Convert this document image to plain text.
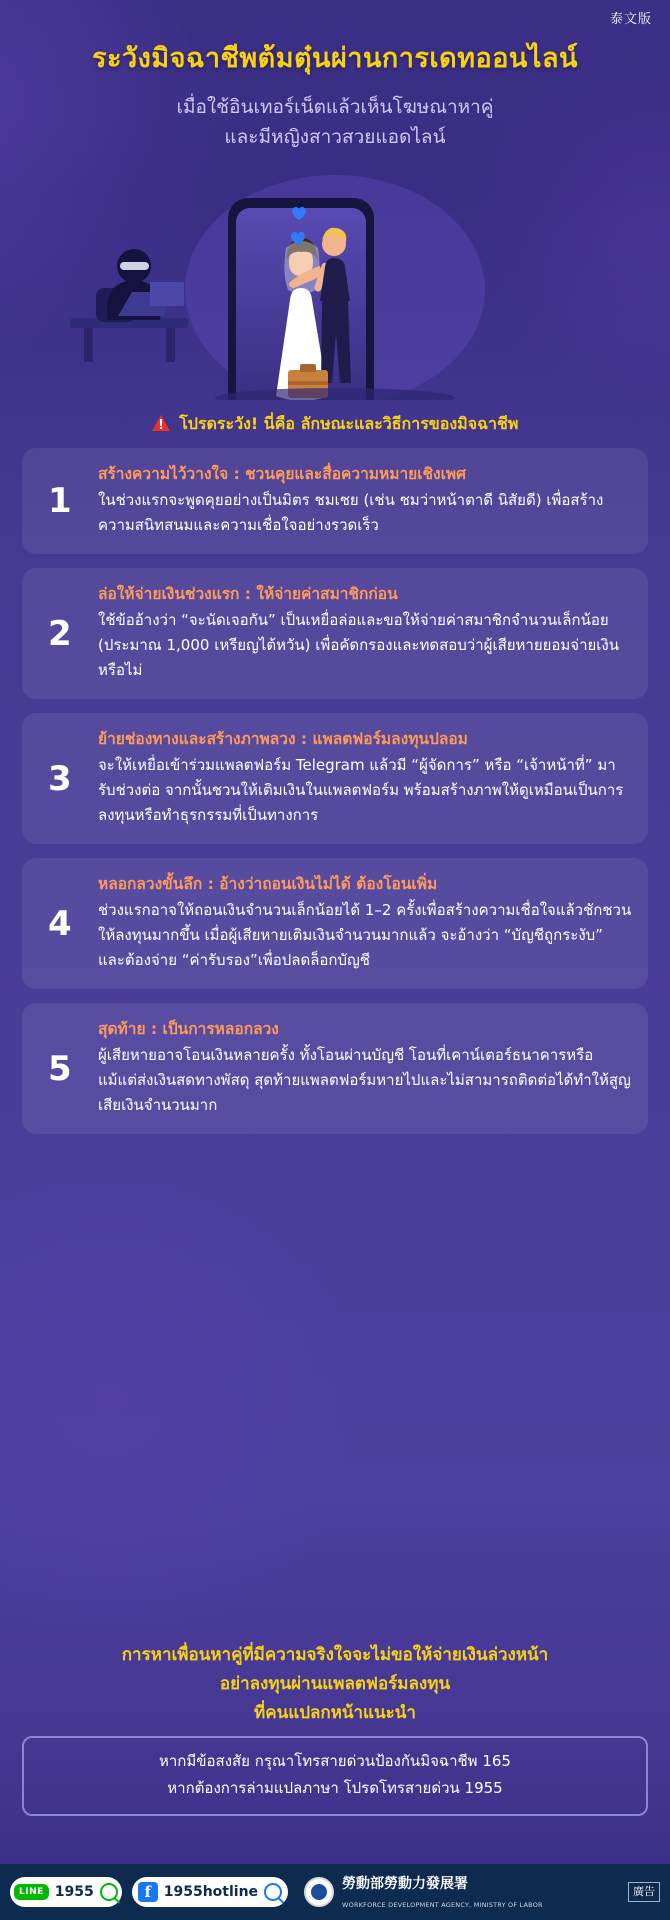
泰文版
ระวังมิจฉาชีพต้มตุ๋นผ่านการเดทออนไลน์
เมื่อใช้อินเทอร์เน็ตแล้วเห็นโฆษณาหาคู่
และมีหญิงสาวสวยแอดไลน์
โปรดระวัง! นี่คือ ลักษณะและวิธีการของมิจฉาชีพ
1
สร้างความไว้วางใจ : ชวนคุยและสื่อความหมายเชิงเพศ
ในช่วงแรกจะพูดคุยอย่างเป็นมิตร ชมเชย (เช่น ชมว่าหน้าตาดี นิสัยดี) เพื่อสร้างความสนิทสนมและความเชื่อใจอย่างรวดเร็ว
2
ล่อให้จ่ายเงินช่วงแรก : ให้จ่ายค่าสมาชิกก่อน
ใช้ข้ออ้างว่า “จะนัดเจอกัน” เป็นเหยื่อล่อและขอให้จ่ายค่าสมาชิกจำนวนเล็กน้อย (ประมาณ 1,000 เหรียญไต้หวัน) เพื่อคัดกรองและทดสอบว่าผู้เสียหายยอมจ่ายเงินหรือไม่
3
ย้ายช่องทางและสร้างภาพลวง : แพลตฟอร์มลงทุนปลอม
จะให้เหยื่อเข้าร่วมแพลตฟอร์ม Telegram แล้วมี “ผู้จัดการ” หรือ “เจ้าหน้าที่” มารับช่วงต่อ จากนั้นชวนให้เติมเงินในแพลตฟอร์ม พร้อมสร้างภาพให้ดูเหมือนเป็นการลงทุนหรือทำธุรกรรมที่เป็นทางการ
4
หลอกลวงขั้นลึก : อ้างว่าถอนเงินไม่ได้ ต้องโอนเพิ่ม
ช่วงแรกอาจให้ถอนเงินจำนวนเล็กน้อยได้ 1–2 ครั้งเพื่อสร้างความเชื่อใจแล้วชักชวนให้ลงทุนมากขึ้น เมื่อผู้เสียหายเติมเงินจำนวนมากแล้ว จะอ้างว่า “บัญชีถูกระงับ” และต้องจ่าย “ค่ารับรอง”เพื่อปลดล็อกบัญชี
5
สุดท้าย : เป็นการหลอกลวง
ผู้เสียหายอาจโอนเงินหลายครั้ง ทั้งโอนผ่านบัญชี โอนที่เคาน์เตอร์ธนาคารหรือแม้แต่ส่งเงินสดทางพัสดุ สุดท้ายแพลตฟอร์มหายไปและไม่สามารถติดต่อได้ทำให้สูญเสียเงินจำนวนมาก
การหาเพื่อนหาคู่ที่มีความจริงใจจะไม่ขอให้จ่ายเงินล่วงหน้า
อย่าลงทุนผ่านแพลตฟอร์มลงทุน
ที่คนแปลกหน้าแนะนำ
หากมีข้อสงสัย กรุณาโทรสายด่วนป้องกันมิจฉาชีพ 165
หากต้องการล่ามแปลภาษา โปรดโทรสายด่วน 1955
LINE 1955	f 1955hotline	勞動部勞動力發展署
WORKFORCE DEVELOPMENT AGENCY, MINISTRY OF LABOR
廣告
